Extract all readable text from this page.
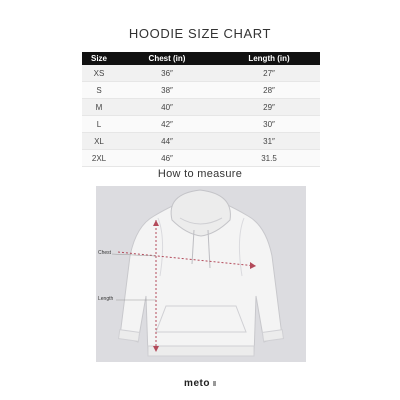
HOODIE SIZE CHART
Size	Chest (in)	Length (in)
XS	36″	27″
S	38″	28″
M	40″	29″
L	42″	30″
XL	44″	31″
2XL	46″	31.5
How to measure
Chest
Length
meto
